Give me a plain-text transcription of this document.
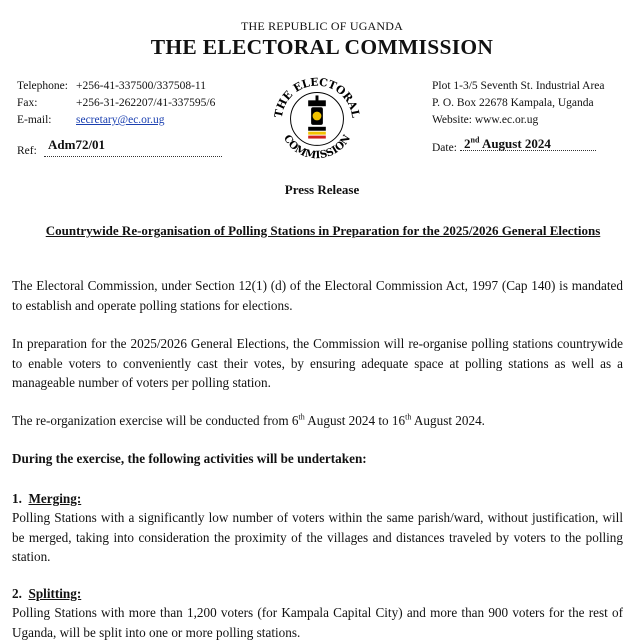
THE REPUBLIC OF UGANDA
THE ELECTORAL COMMISSION
Telephone: +256-41-337500/337508-11
Fax:	+256-31-262207/41-337595/6
E-mail: secretary@ec.or.ug
Ref: Adm72/01
THE ELECTORAL
COMMISSION
Plot 1-3/5 Seventh St. Industrial Area
P. O. Box 22678 Kampala, Uganda
Website: www.ec.or.ug
Date: 2nd August 2024
Press Release
Countrywide Re-organisation of Polling Stations in Preparation for the 2025/2026 General Elections
The Electoral Commission, under Section 12(1) (d) of the Electoral Commission Act, 1997 (Cap 140) is mandated to establish and operate polling stations for elections.
In preparation for the 2025/2026 General Elections, the Commission will re-organise polling stations countrywide to enable voters to conveniently cast their votes, by ensuring adequate space at polling stations as well as a manageable number of voters per polling station.
The re-organization exercise will be conducted from 6th August 2024 to 16th August 2024.
During the exercise, the following activities will be undertaken:
1. Merging:
Polling Stations with a significantly low number of voters within the same parish/ward, without justification, will be merged, taking into consideration the proximity of the villages and distances traveled by voters to the polling station.
2. Splitting:
Polling Stations with more than 1,200 voters (for Kampala Capital City) and more than 900 voters for the rest of Uganda, will be split into one or more polling stations.
